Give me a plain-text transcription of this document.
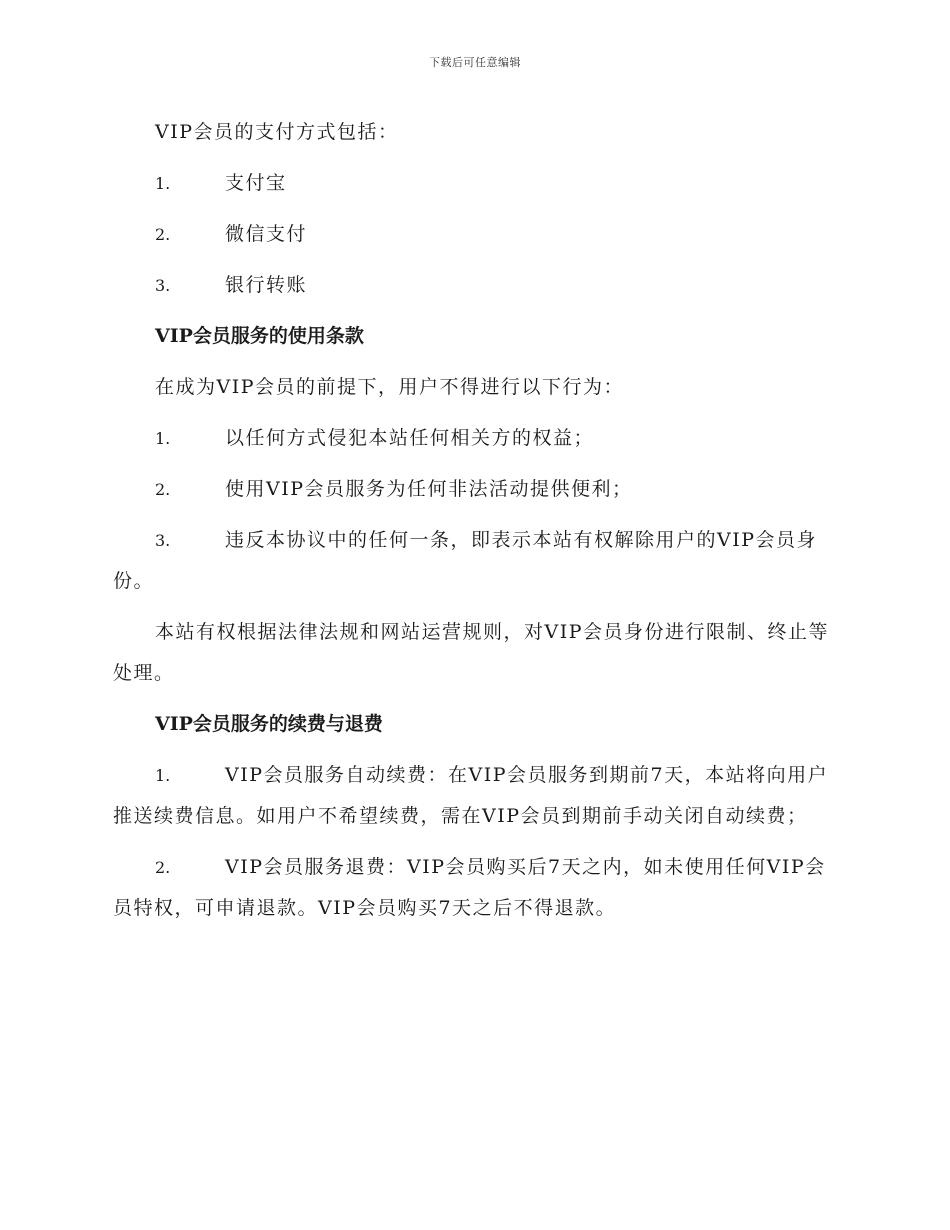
下载后可任意编辑

VIP会员的支付方式包括：

1.	支付宝
2.	微信支付
3.	银行转账
VIP会员服务的使用条款

在成为VIP会员的前提下，用户不得进行以下行为：

1.	以任何方式侵犯本站任何相关方的权益；
2.	使用VIP会员服务为任何非法活动提供便利；

3.	违反本协议中的任何一条，即表示本站有权解除用户的VIP会员身份。

本站有权根据法律法规和网站运营规则，对VIP会员身份进行限制、终止等处理。

VIP会员服务的续费与退费

1.	VIP会员服务自动续费：在VIP会员服务到期前7天，本站将向用户推送续费信息。如用户不希望续费，需在VIP会员到期前手动关闭自动续费；

2.	VIP会员服务退费：VIP会员购买后7天之内，如未使用任何VIP会员特权，可申请退款。VIP会员购买7天之后不得退款。
